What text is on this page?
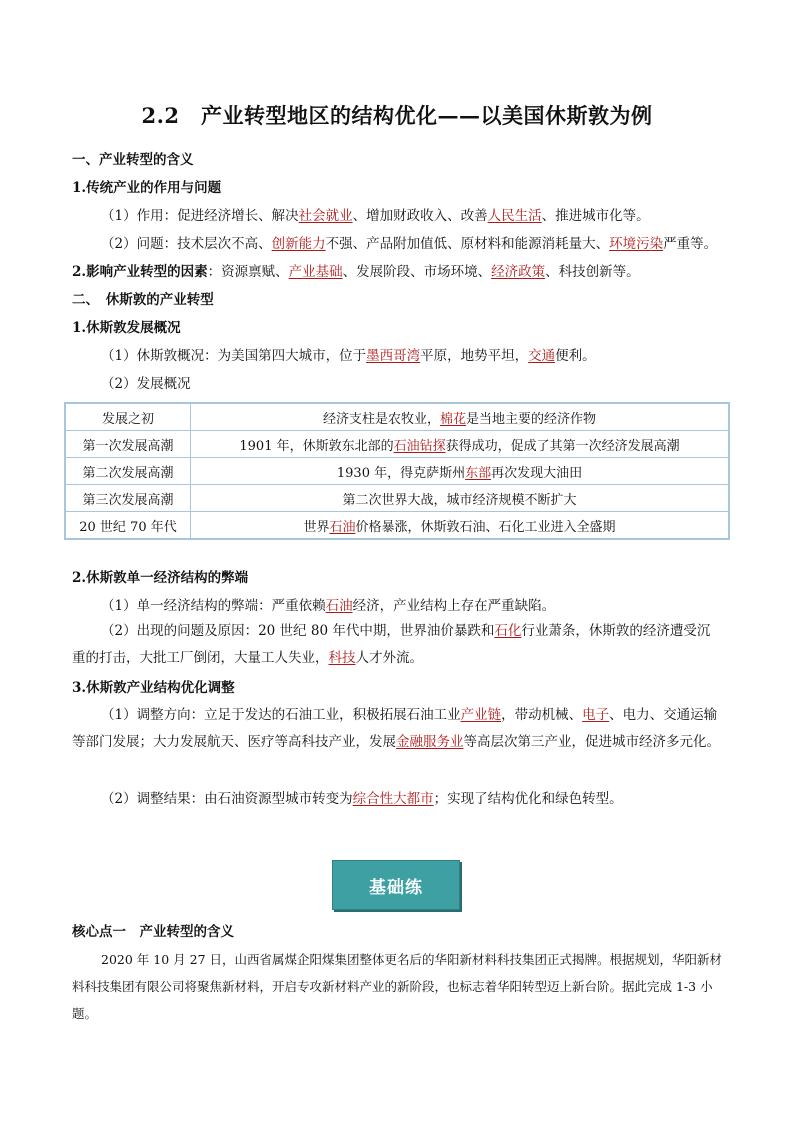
2.2　产业转型地区的结构优化——以美国休斯敦为例
一、产业转型的含义
1.传统产业的作用与问题
（1）作用：促进经济增长、解决社会就业、增加财政收入、改善人民生活、推进城市化等。
（2）问题：技术层次不高、创新能力不强、产品附加值低、原材料和能源消耗量大、环境污染严重等。
2.影响产业转型的因素：资源禀赋、产业基础、发展阶段、市场环境、经济政策、科技创新等。
二、　休斯敦的产业转型
1.休斯敦发展概况
（1）休斯敦概况：为美国第四大城市，位于墨西哥湾平原，地势平坦，交通便利。
（2）发展概况
发展之初	经济支柱是农牧业，棉花是当地主要的经济作物
第一次发展高潮	1901 年，休斯敦东北部的石油钻探获得成功，促成了其第一次经济发展高潮
第二次发展高潮	1930 年，得克萨斯州东部再次发现大油田
第三次发展高潮	第二次世界大战，城市经济规模不断扩大
20 世纪 70 年代	世界石油价格暴涨，休斯敦石油、石化工业进入全盛期
2.休斯敦单一经济结构的弊端
（1）单一经济结构的弊端：严重依赖石油经济，产业结构上存在严重缺陷。
（2）出现的问题及原因：20 世纪 80 年代中期，世界油价暴跌和石化行业萧条，休斯敦的经济遭受沉重的打击，大批工厂倒闭，大量工人失业，科技人才外流。
3.休斯敦产业结构优化调整
（1）调整方向：立足于发达的石油工业，积极拓展石油工业产业链，带动机械、电子、电力、交通运输等部门发展；大力发展航天、医疗等高科技产业，发展金融服务业等高层次第三产业，促进城市经济多元化。
（2）调整结果：由石油资源型城市转变为综合性大都市；实现了结构优化和绿色转型。
基础练
核心点一　产业转型的含义
2020 年 10 月 27 日，山西省属煤企阳煤集团整体更名后的华阳新材料科技集团正式揭牌。根据规划，华阳新材料科技集团有限公司将聚焦新材料，开启专攻新材料产业的新阶段，也标志着华阳转型迈上新台阶。据此完成 1-3 小题。
